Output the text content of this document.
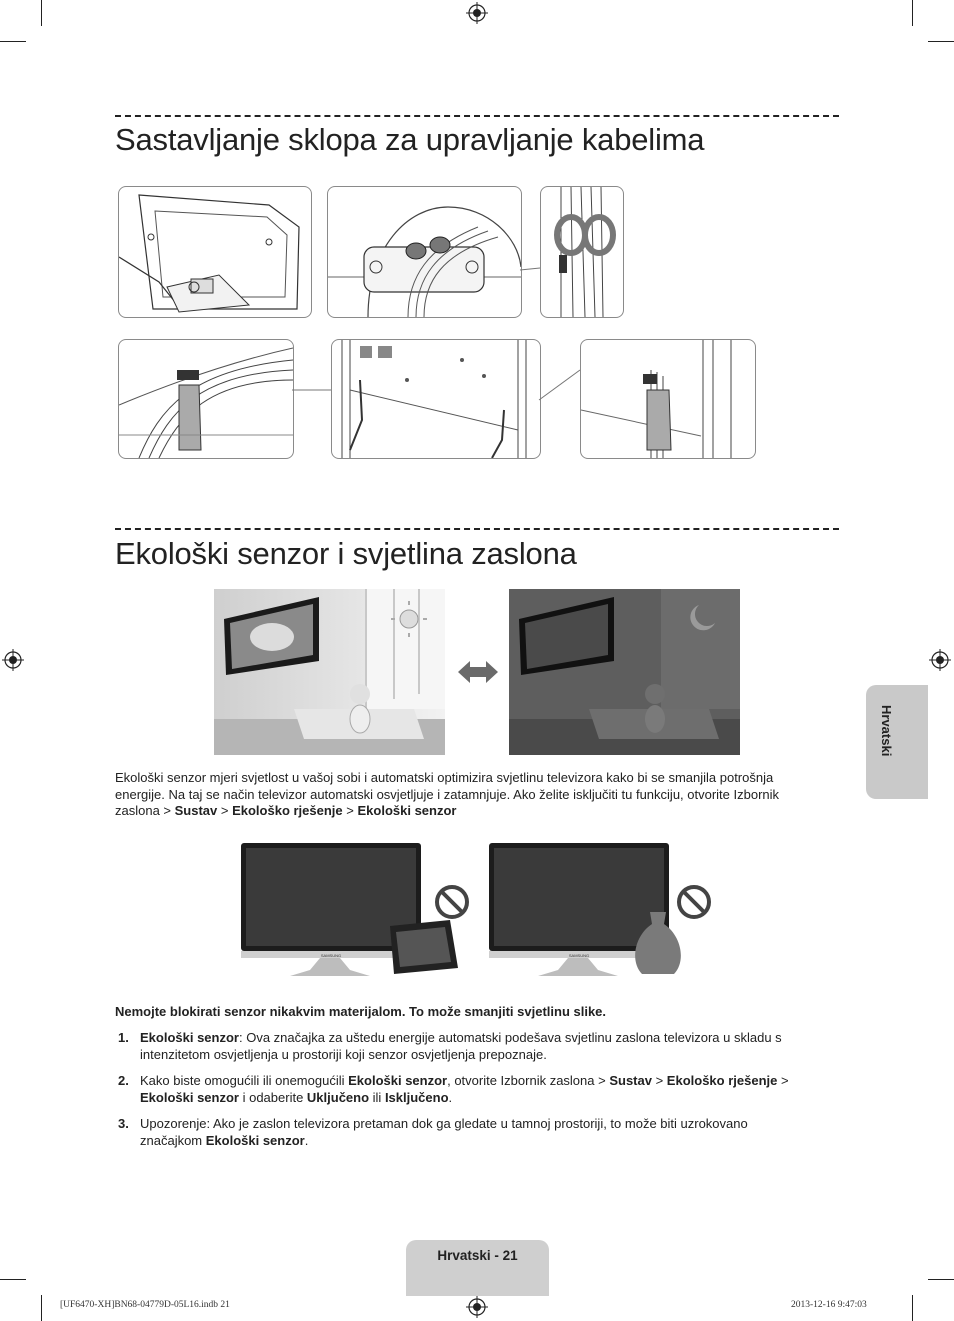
Sastavljanje sklopa za upravljanje kabelima
Ekološki senzor i svjetlina zaslona
Ekološki senzor mjeri svjetlost u vašoj sobi i automatski optimizira svjetlinu televizora kako bi se smanjila potrošnja
energije. Na taj se način televizor automatski osvjetljuje i zatamnjuje. Ako želite isključiti tu funkciju, otvorite Izbornik
zaslona > Sustav > Ekološko rješenje > Ekološki senzor
SAMSUNG	SAMSUNG
Nemojte blokirati senzor nikakvim materijalom. To može smanjiti svjetlinu slike.
1. Ekološki senzor: Ova značajka za uštedu energije automatski podešava svjetlinu zaslona televizora u skladu s
intenzitetom osvjetljenja u prostoriji koji senzor osvjetljenja prepoznaje.
2. Kako biste omogućili ili onemogućili Ekološki senzor, otvorite Izbornik zaslona > Sustav > Ekološko rješenje >
Ekološki senzor i odaberite Uključeno ili Isključeno.
3. Upozorenje: Ako je zaslon televizora pretaman dok ga gledate u tamnoj prostoriji, to može biti uzrokovano
značajkom Ekološki senzor.
Hrvatski
Hrvatski - 21
[UF6470-XH]BN68-04779D-05L16.indb 21	2013-12-16 9:47:03
